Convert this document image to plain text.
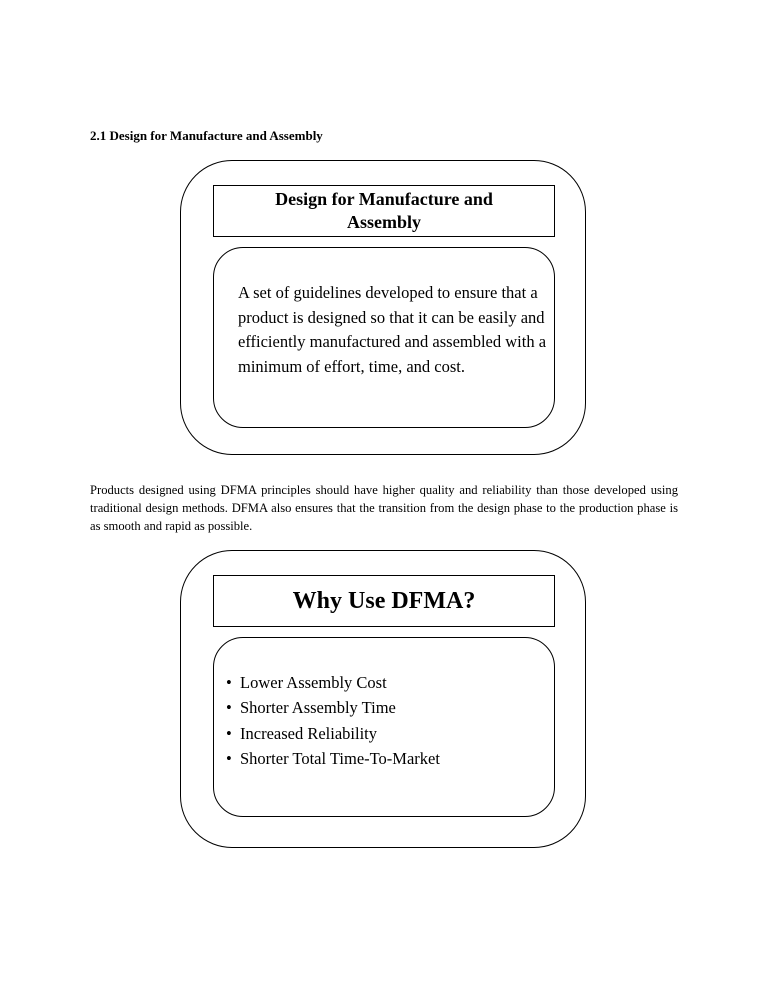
2.1 Design for Manufacture and Assembly
Design for Manufacture and Assembly
A set of guidelines developed to ensure that a product is designed so that it can be easily and efficiently manufactured and assembled with a minimum of effort, time, and cost.
Products designed using DFMA principles should have higher quality and reliability than those developed using traditional design methods. DFMA also ensures that the transition from the design phase to the production phase is as smooth and rapid as possible.
Why Use DFMA?
• Lower Assembly Cost
• Shorter Assembly Time
• Increased Reliability
• Shorter Total Time-To-Market
